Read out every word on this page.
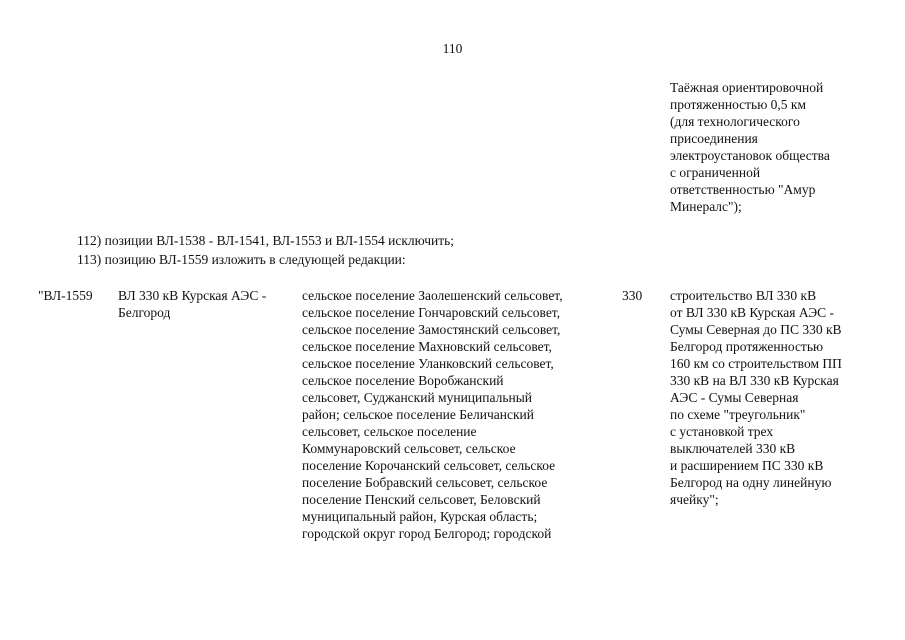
110
Таёжная ориентировочной
протяженностью 0,5 км
(для технологического
присоединения
электроустановок общества
с ограниченной
ответственностью "Амур
Минералс");
112) позиции ВЛ-1538 - ВЛ-1541, ВЛ-1553 и ВЛ-1554 исключить;
113) позицию ВЛ-1559 изложить в следующей редакции:
"ВЛ-1559 ВЛ 330 кВ Курская АЭС -
Белгород
сельское поселение Заолешенский сельсовет,
сельское поселение Гончаровский сельсовет,
сельское поселение Замостянский сельсовет,
сельское поселение Махновский сельсовет,
сельское поселение Уланковский сельсовет,
сельское поселение Воробжанский
сельсовет, Суджанский муниципальный
район; сельское поселение Беличанский
сельсовет, сельское поселение
Коммунаровский сельсовет, сельское
поселение Корочанский сельсовет, сельское
поселение Бобравский сельсовет, сельское
поселение Пенский сельсовет, Беловский
муниципальный район, Курская область;
городской округ город Белгород; городской
330 строительство ВЛ 330 кВ
от ВЛ 330 кВ Курская АЭС -
Сумы Северная до ПС 330 кВ
Белгород протяженностью
160 км со строительством ПП
330 кВ на ВЛ 330 кВ Курская
АЭС - Сумы Северная
по схеме "треугольник"
с установкой трех
выключателей 330 кВ
и расширением ПС 330 кВ
Белгород на одну линейную
ячейку";
